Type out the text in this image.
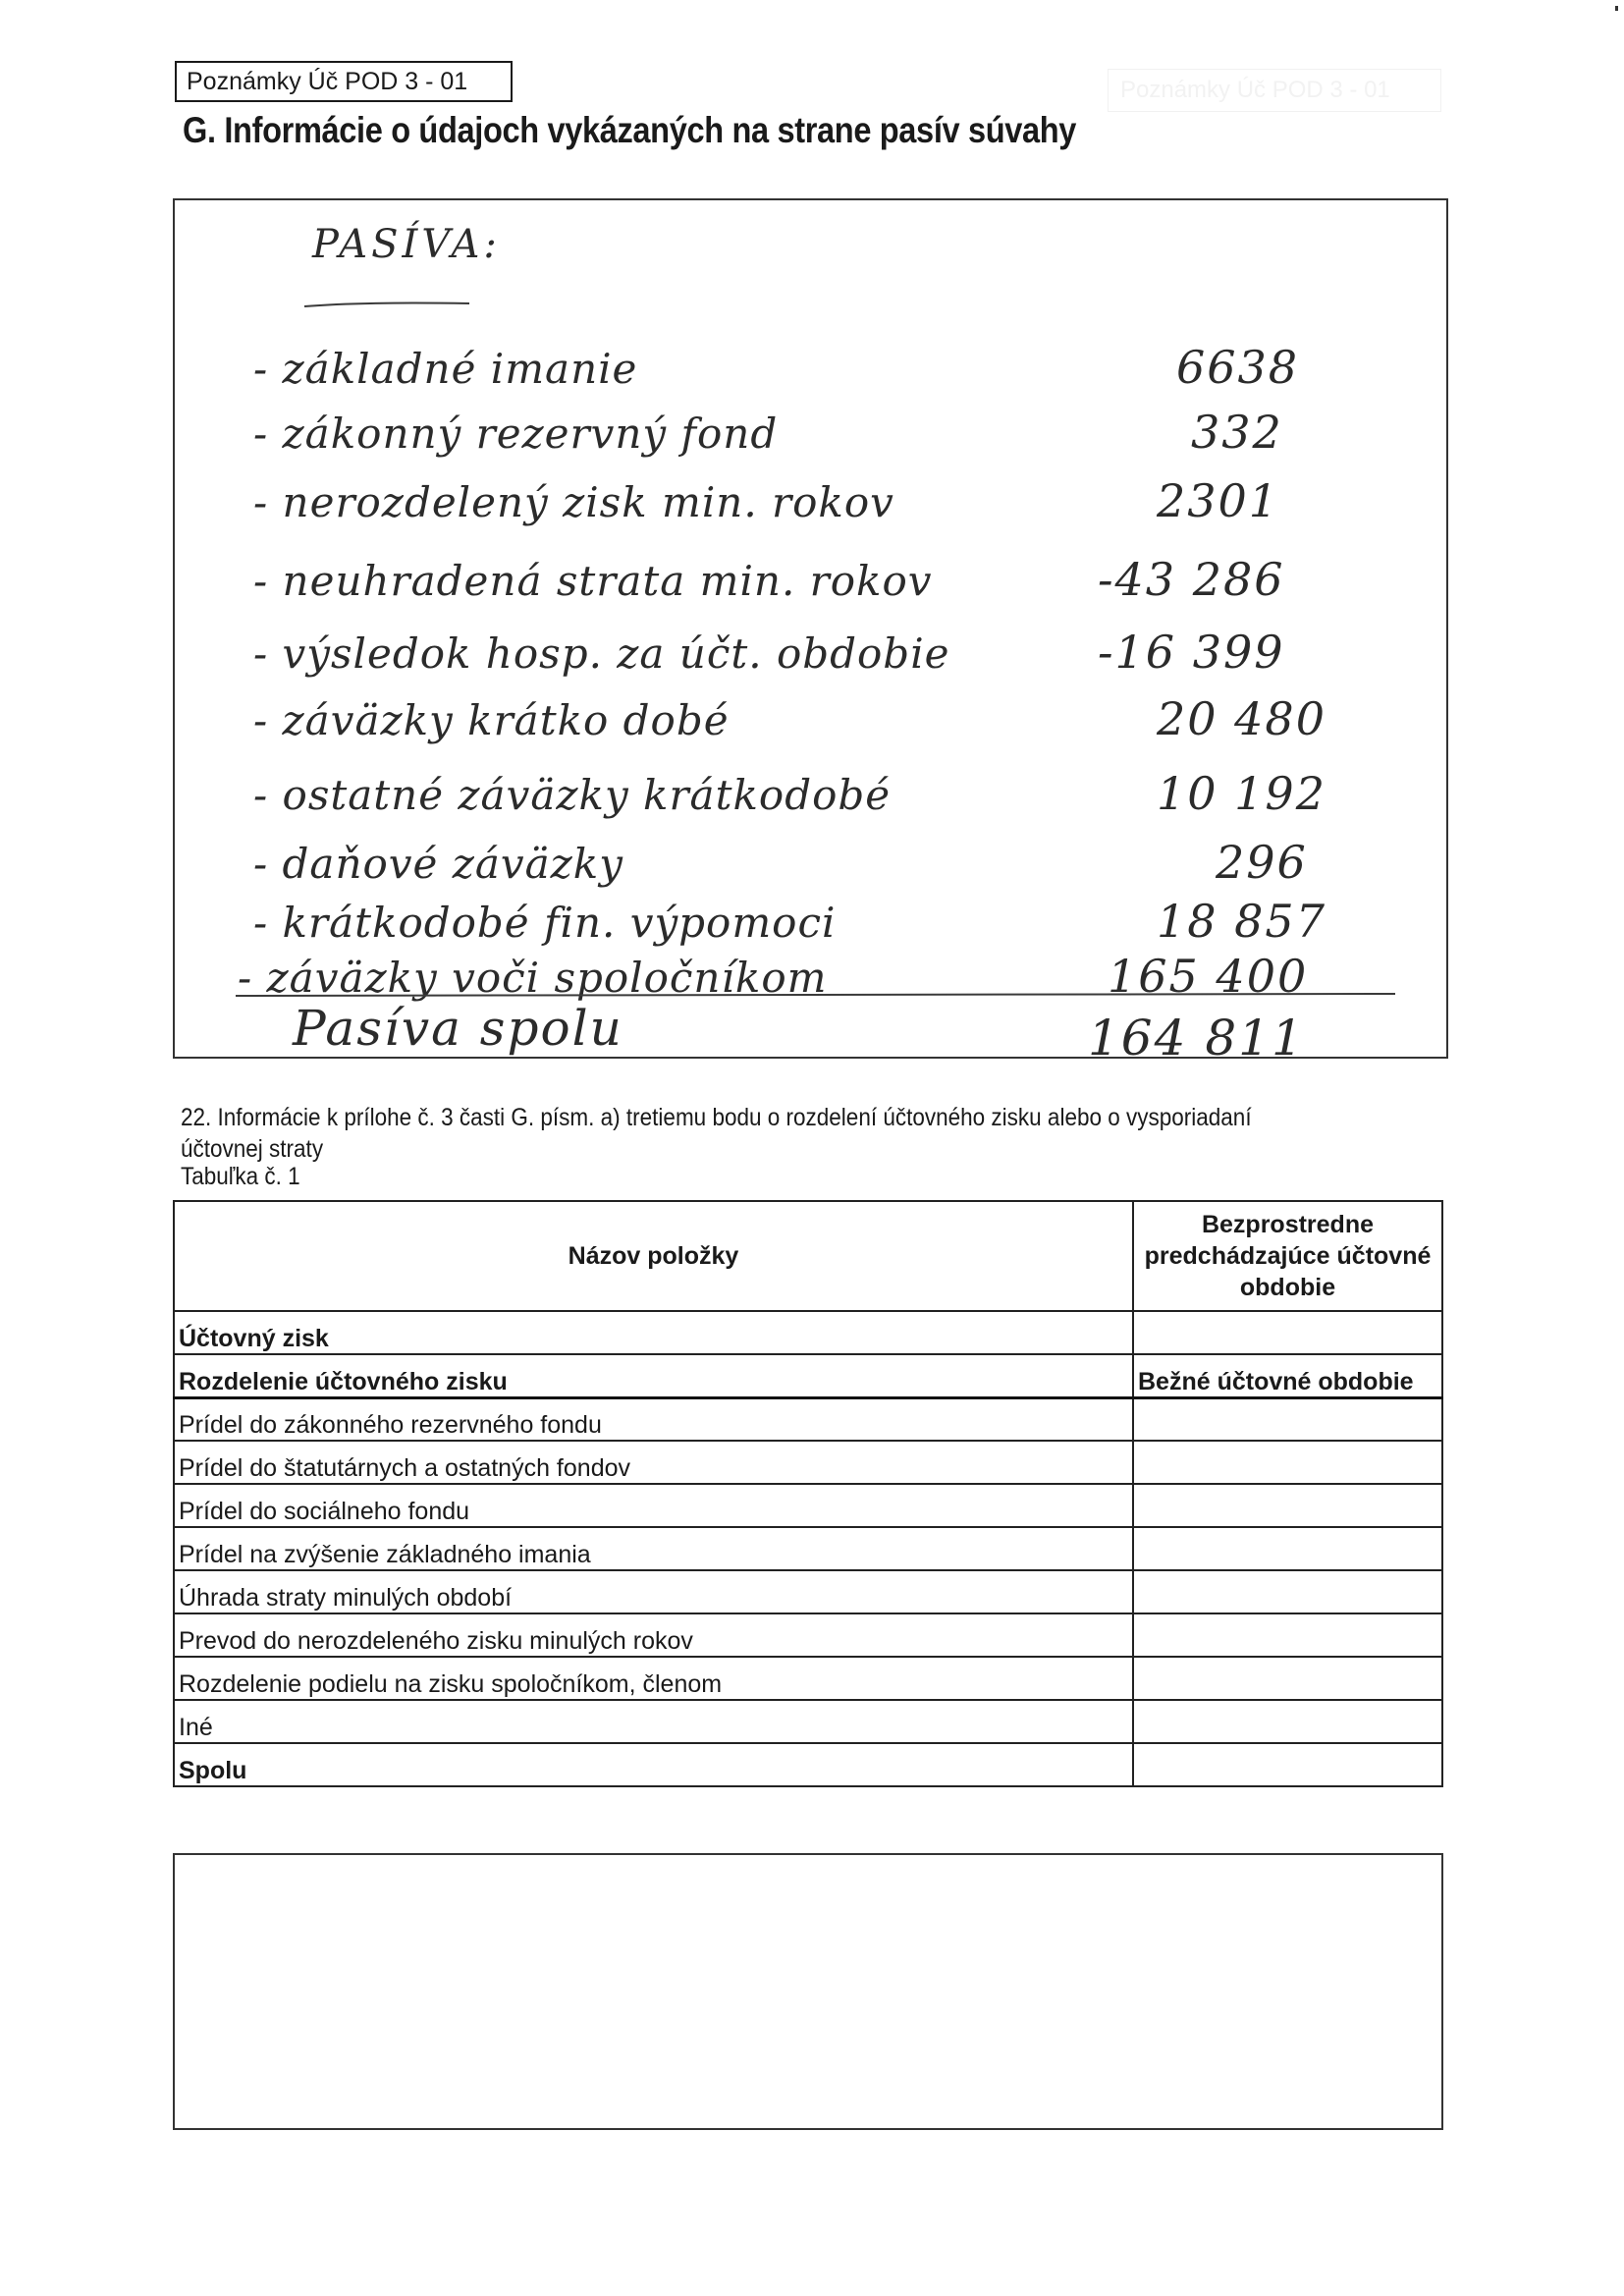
Poznámky Úč POD 3 - 01	Poznámky Úč POD 3 - 01
G. Informácie o údajoch vykázaných na strane pasív súvahy
PASÍVA:
- základné imanie	6638
- zákonný rezervný fond	332
- nerozdelený zisk min. rokov	2301
- neuhradená strata min. rokov	-43 286
- výsledok hosp. za účt. obdobie	-16 399
- záväzky krátko dobé	20 480
- ostatné záväzky krátkodobé	10 192
- daňové záväzky	296
- krátkodobé fin. výpomoci	18 857
- záväzky voči spoločníkom	165 400
Pasíva spolu	164 811

22. Informácie k prílohe č. 3 časti G. písm. a) tretiemu bodu o rozdelení účtovného zisku alebo o vysporiadaní účtovnej straty

Tabuľka č. 1

Názov položky	Bezprostredne predchádzajúce účtovné obdobie
Účtovný zisk	
Rozdelenie účtovného zisku	Bežné účtovné obdobie
Prídel do zákonného rezervného fondu	
Prídel do štatutárnych a ostatných fondov	
Prídel do sociálneho fondu	
Prídel na zvýšenie základného imania	
Úhrada straty minulých období	
Prevod do nerozdeleného zisku minulých rokov	
Rozdelenie podielu na zisku spoločníkom, členom	
Iné	
Spolu	
